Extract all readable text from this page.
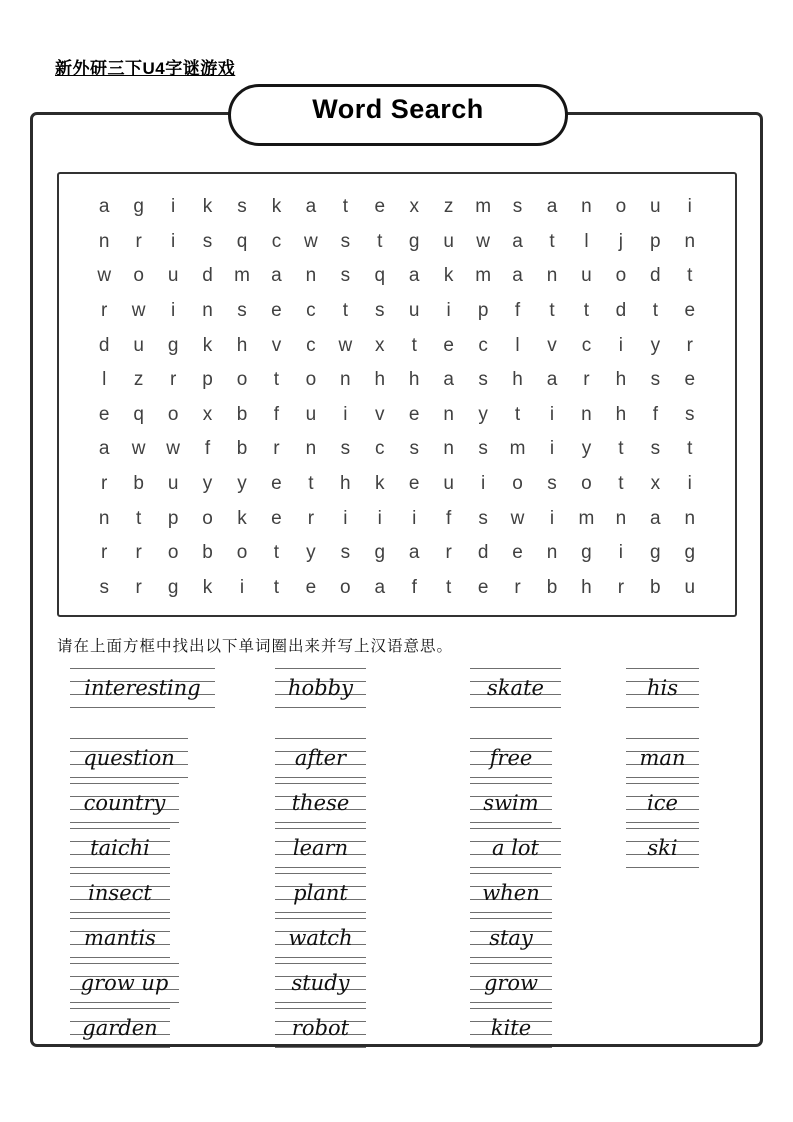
新外研三下U4字谜游戏
Word Search
a	g	i	k	s	k	a	t	e	x	z	m	s	a	n	o	u	i
n	r	i	s	q	c	w	s	t	g	u	w	a	t	l	j	p	n
w	o	u	d	m	a	n	s	q	a	k	m	a	n	u	o	d	t
r	w	i	n	s	e	c	t	s	u	i	p	f	t	t	d	t	e
d	u	g	k	h	v	c	w	x	t	e	c	l	v	c	i	y	r
l	z	r	p	o	t	o	n	h	h	a	s	h	a	r	h	s	e
e	q	o	x	b	f	u	i	v	e	n	y	t	i	n	h	f	s
a	w	w	f	b	r	n	s	c	s	n	s	m	i	y	t	s	t
r	b	u	y	y	e	t	h	k	e	u	i	o	s	o	t	x	i
n	t	p	o	k	e	r	i	i	i	f	s	w	i	m	n	a	n
r	r	o	b	o	t	y	s	g	a	r	d	e	n	g	i	g	g
s	r	g	k	i	t	e	o	a	f	t	e	r	b	h	r	b	u
请在上面方框中找出以下单词圈出来并写上汉语意思。
interesting
question
country
taichi
insect
mantis
grow up
garden
hobby
after
these
learn
plant
watch
study
robot
skate
free
swim
a lot
when
stay
grow
kite
his
man
ice
ski
